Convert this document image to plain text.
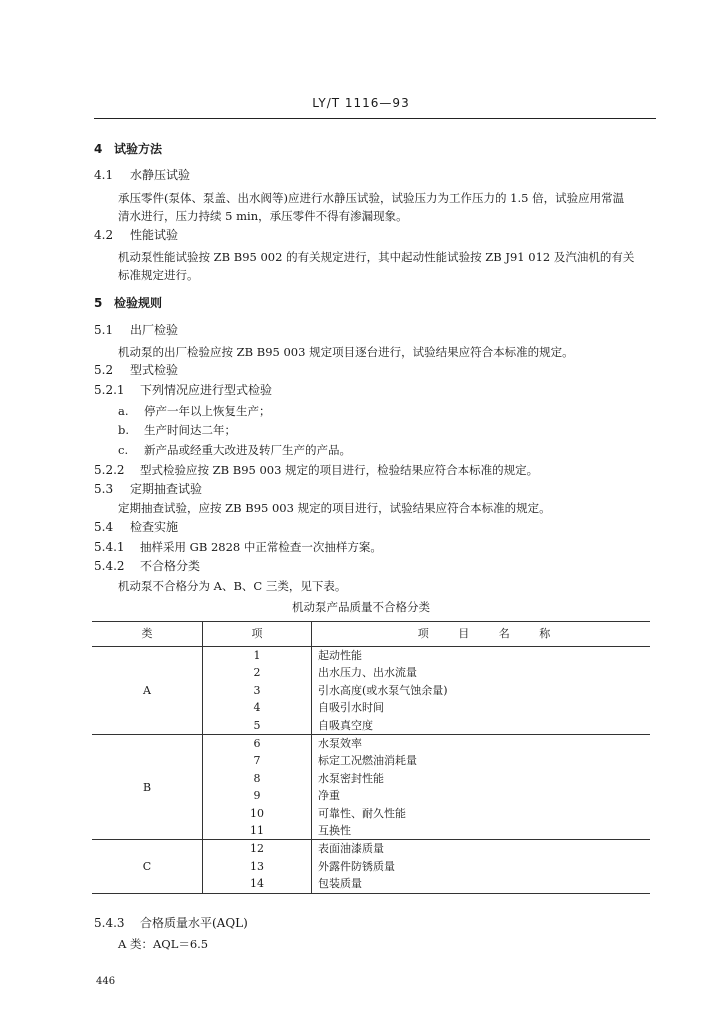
LY/T 1116—93
4 试验方法
4.1 水静压试验
承压零件(泵体、泵盖、出水阀等)应进行水静压试验，试验压力为工作压力的 1.5 倍，试验应用常温
清水进行，压力持续 5 min，承压零件不得有渗漏现象。
4.2 性能试验
机动泵性能试验按 ZB B95 002 的有关规定进行，其中起动性能试验按 ZB J91 012 及汽油机的有关
标准规定进行。
5 检验规则
5.1 出厂检验
机动泵的出厂检验应按 ZB B95 003 规定项目逐台进行，试验结果应符合本标准的规定。
5.2 型式检验
5.2.1 下列情况应进行型式检验
a. 停产一年以上恢复生产；
b. 生产时间达二年；
c. 新产品或经重大改进及转厂生产的产品。
5.2.2 型式检验应按 ZB B95 003 规定的项目进行，检验结果应符合本标准的规定。
5.3 定期抽查试验
定期抽查试验，应按 ZB B95 003 规定的项目进行，试验结果应符合本标准的规定。
5.4 检查实施
5.4.1 抽样采用 GB 2828 中正常检查一次抽样方案。
5.4.2 不合格分类
机动泵不合格分为 A、B、C 三类，见下表。
机动泵产品质量不合格分类
类	项	项 目 名 称
A	1	起动性能
	2	出水压力、出水流量
	3	引水高度(或水泵气蚀余量)
	4	自吸引水时间
	5	自吸真空度
B	6	水泵效率
	7	标定工况燃油消耗量
	8	水泵密封性能
	9	净重
	10	可靠性、耐久性能
	11	互换性
C	12	表面油漆质量
	13	外露件防锈质量
	14	包装质量
5.4.3 合格质量水平(AQL)
A 类：AQL＝6.5
446
